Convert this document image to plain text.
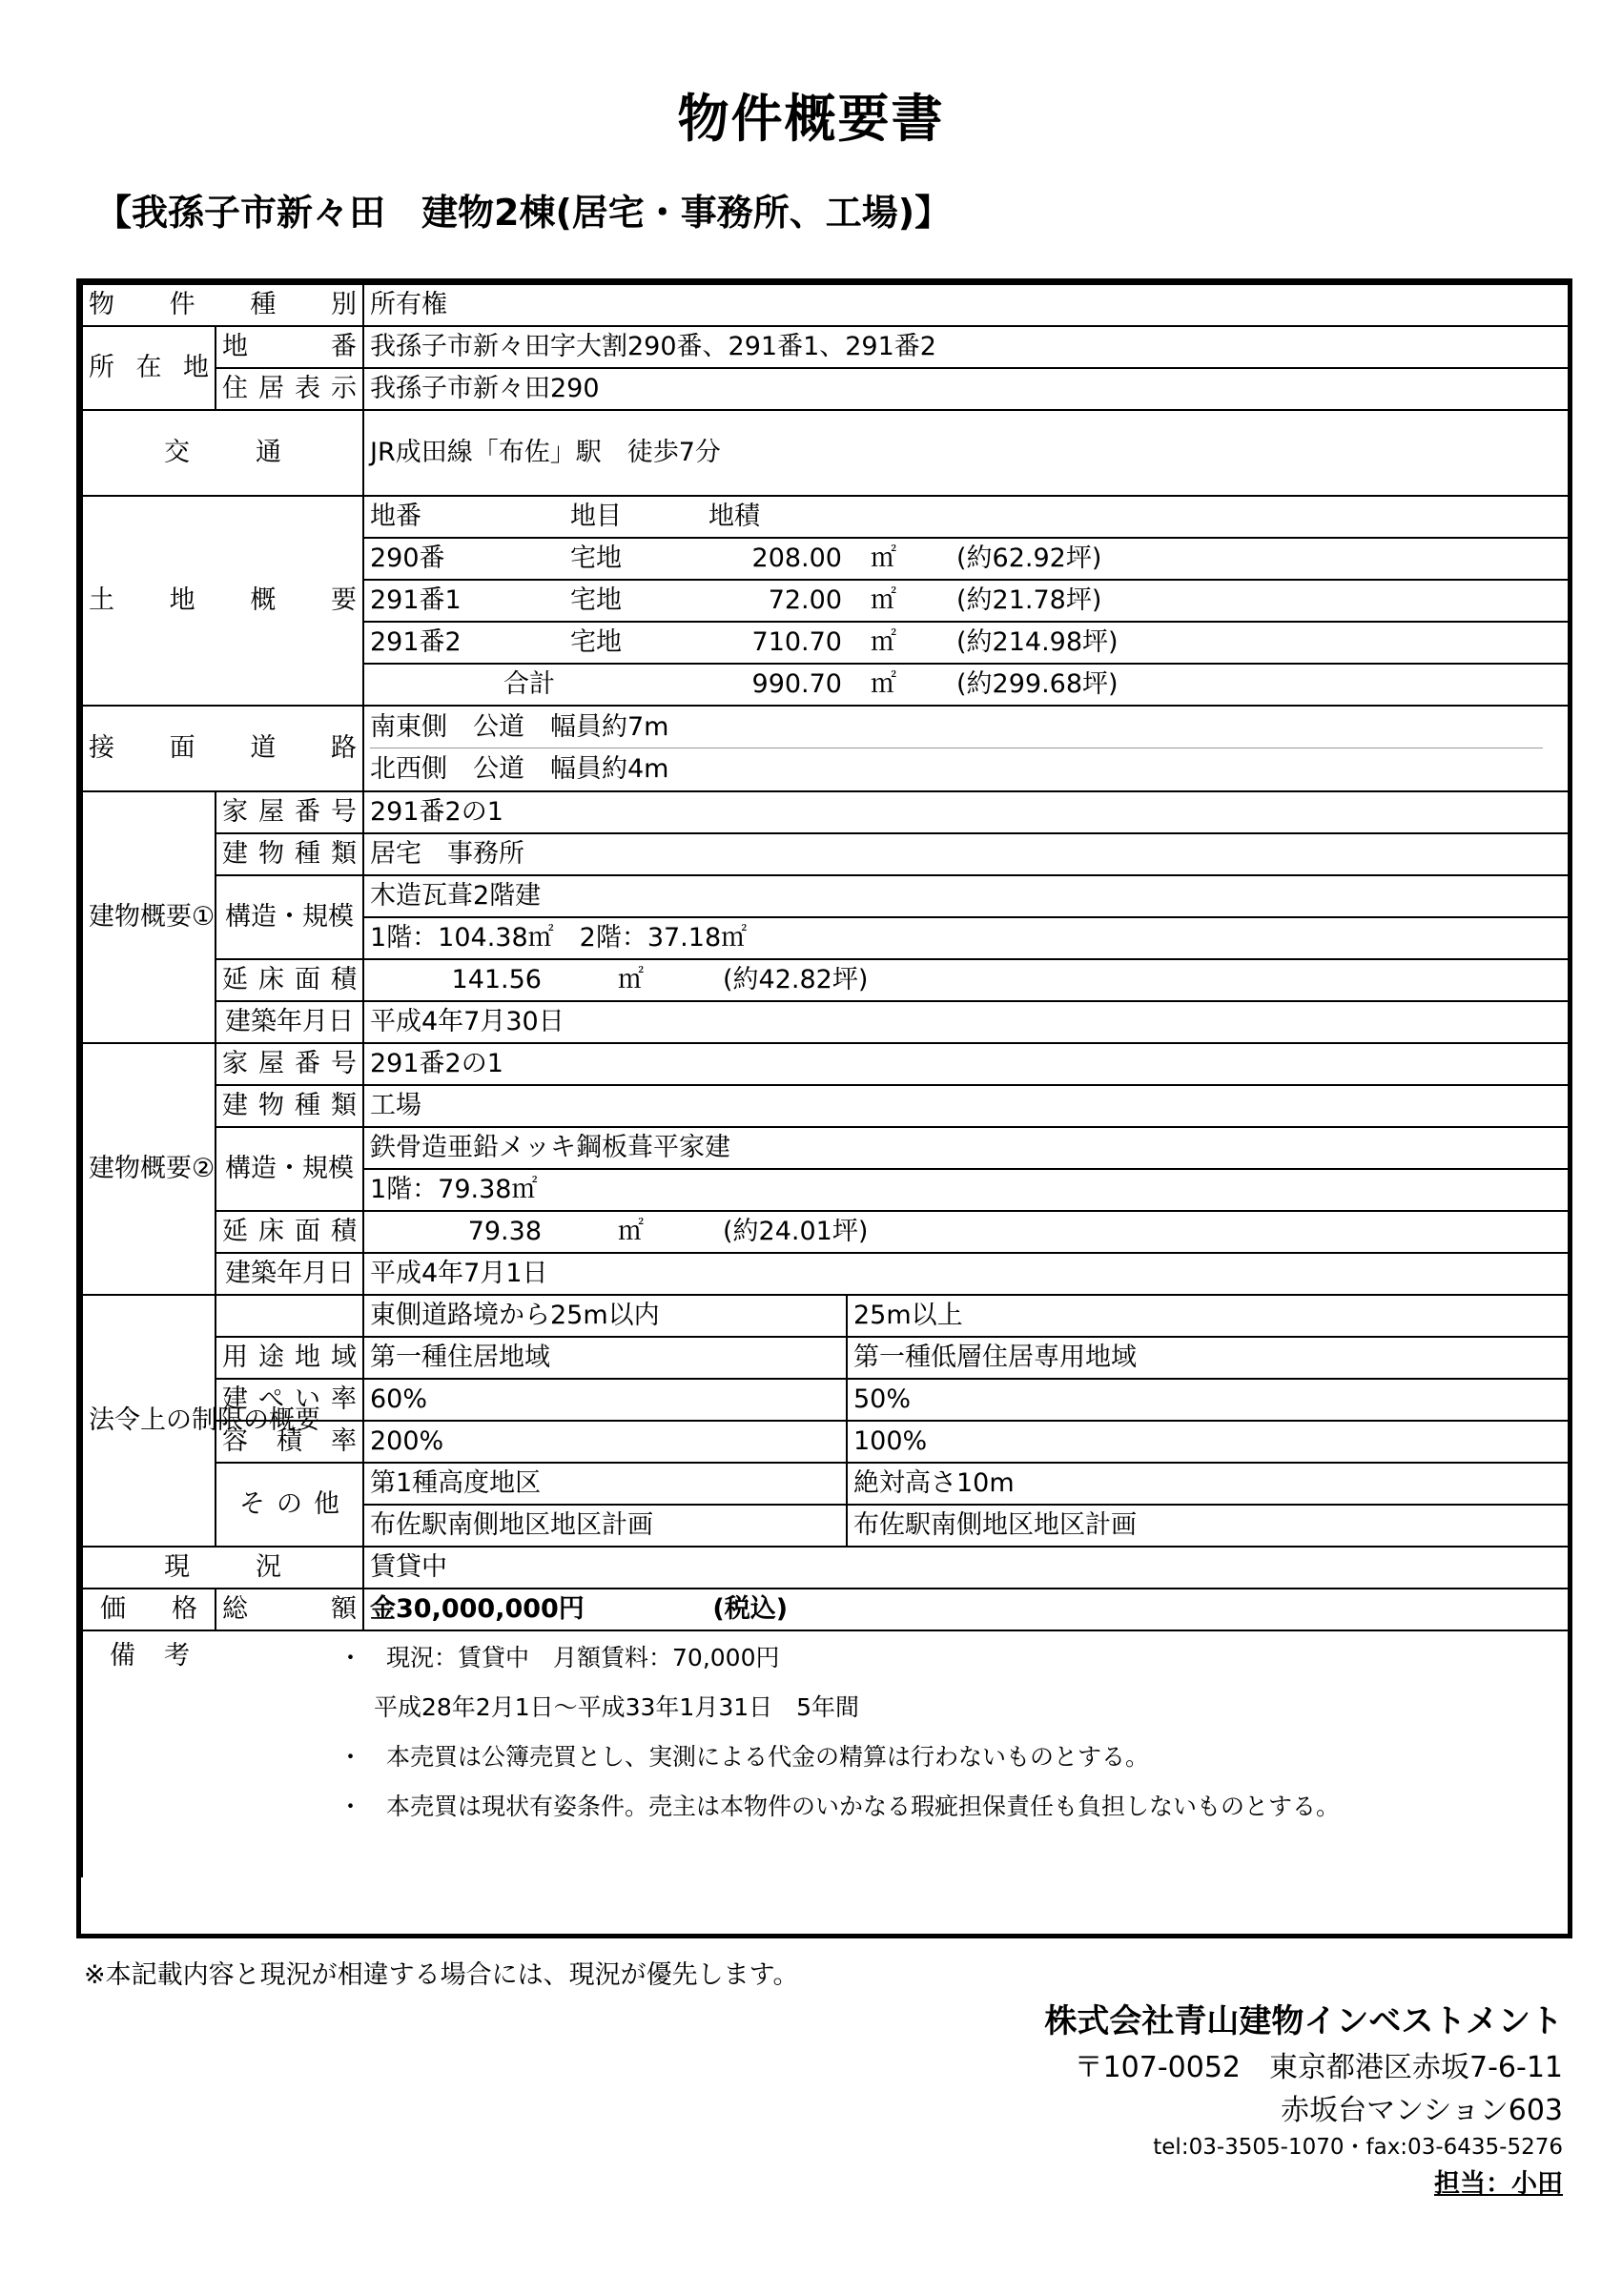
物件概要書
【我孫子市新々田　建物2棟(居宅・事務所、工場)】
物件種別		所有権	
所在地	地番	我孫子市新々田字大割290番、291番1、291番2	
	住居表示	我孫子市新々田290	
交通		JR成田線「布佐」駅　徒歩7分	
土地概要		地番 地目 地積	

		290番 宅地 208.00 ㎡ (約62.92坪)	

		291番1 宅地 72.00 ㎡ (約21.78坪)	

		291番2 宅地 710.70 ㎡ (約214.98坪)	

		合計 990.70 ㎡ (約299.68坪)	

接面道路		南東側　公道　幅員約7m
北西側　公道　幅員約4m	

建物概要①	家屋番号	291番2の1	
	建物種類	居宅　事務所	
	構造・規模	木造瓦葺2階建	
		1階：104.38㎡　2階：37.18㎡	
	延床面積	141.56 ㎡ (約42.82坪)	

	建築年月日	平成4年7月30日	
建物概要②	家屋番号	291番2の1	
	建物種類	工場	
	構造・規模	鉄骨造亜鉛メッキ鋼板葺平家建	
		1階：79.38㎡	
	延床面積	79.38 ㎡ (約24.01坪)	

	建築年月日	平成4年7月1日	
法令上の制限の概要		東側道路境から25m以内	25m以上
	用途地域	第一種住居地域	第一種低層住居専用地域
	建ぺい率	60%	50%
	容積率	200%	100%
	その他	第1種高度地区	絶対高さ10m
		布佐駅南側地区地区計画	布佐駅南側地区地区計画
現況		賃貸中	
価格	総額	金30,000,000円 (税込)	

備考 ・　現況：賃貸中　月額賃料：70,000円
平成28年2月1日～平成33年1月31日　5年間
・　本売買は公簿売買とし、実測による代金の精算は行わないものとする。
・　本売買は現状有姿条件。売主は本物件のいかなる瑕疵担保責任も負担しないものとする。			
※本記載内容と現況が相違する場合には、現況が優先します。
株式会社青山建物インベストメント
〒107-0052　東京都港区赤坂7-6-11
赤坂台マンション603
tel:03-3505-1070・fax:03-6435-5276
担当：小田
